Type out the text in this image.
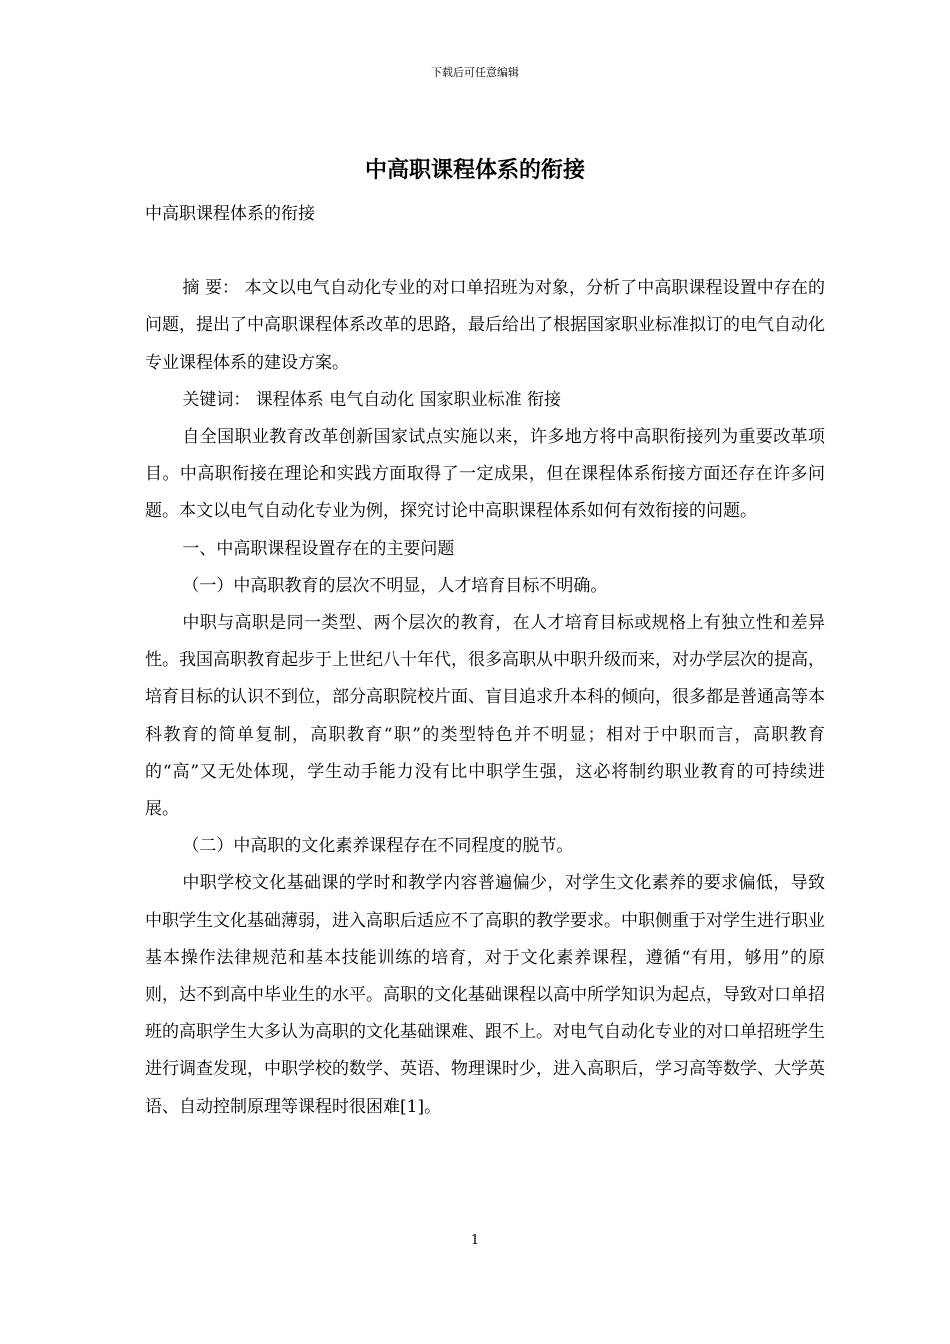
下载后可任意编辑
中高职课程体系的衔接

中高职课程体系的衔接

摘 要： 本文以电气自动化专业的对口单招班为对象，分析了中高职课程设置中存在的问题，提出了中高职课程体系改革的思路，最后给出了根据国家职业标准拟订的电气自动化专业课程体系的建设方案。

关键词： 课程体系 电气自动化 国家职业标准 衔接

自全国职业教育改革创新国家试点实施以来，许多地方将中高职衔接列为重要改革项目。中高职衔接在理论和实践方面取得了一定成果，但在课程体系衔接方面还存在许多问题。本文以电气自动化专业为例，探究讨论中高职课程体系如何有效衔接的问题。

一、中高职课程设置存在的主要问题

（一）中高职教育的层次不明显，人才培育目标不明确。

中职与高职是同一类型、两个层次的教育，在人才培育目标或规格上有独立性和差异性。我国高职教育起步于上世纪八十年代，很多高职从中职升级而来，对办学层次的提高，培育目标的认识不到位，部分高职院校片面、盲目追求升本科的倾向，很多都是普通高等本科教育的简单复制，高职教育“职”的类型特色并不明显；相对于中职而言，高职教育的“高”又无处体现，学生动手能力没有比中职学生强，这必将制约职业教育的可持续进展。

（二）中高职的文化素养课程存在不同程度的脱节。

中职学校文化基础课的学时和教学内容普遍偏少，对学生文化素养的要求偏低，导致中职学生文化基础薄弱，进入高职后适应不了高职的教学要求。中职侧重于对学生进行职业基本操作法律规范和基本技能训练的培育，对于文化素养课程，遵循“有用，够用”的原则，达不到高中毕业生的水平。高职的文化基础课程以高中所学知识为起点，导致对口单招班的高职学生大多认为高职的文化基础课难、跟不上。对电气自动化专业的对口单招班学生进行调查发现，中职学校的数学、英语、物理课时少，进入高职后，学习高等数学、大学英语、自动控制原理等课程时很困难[1]。

1
